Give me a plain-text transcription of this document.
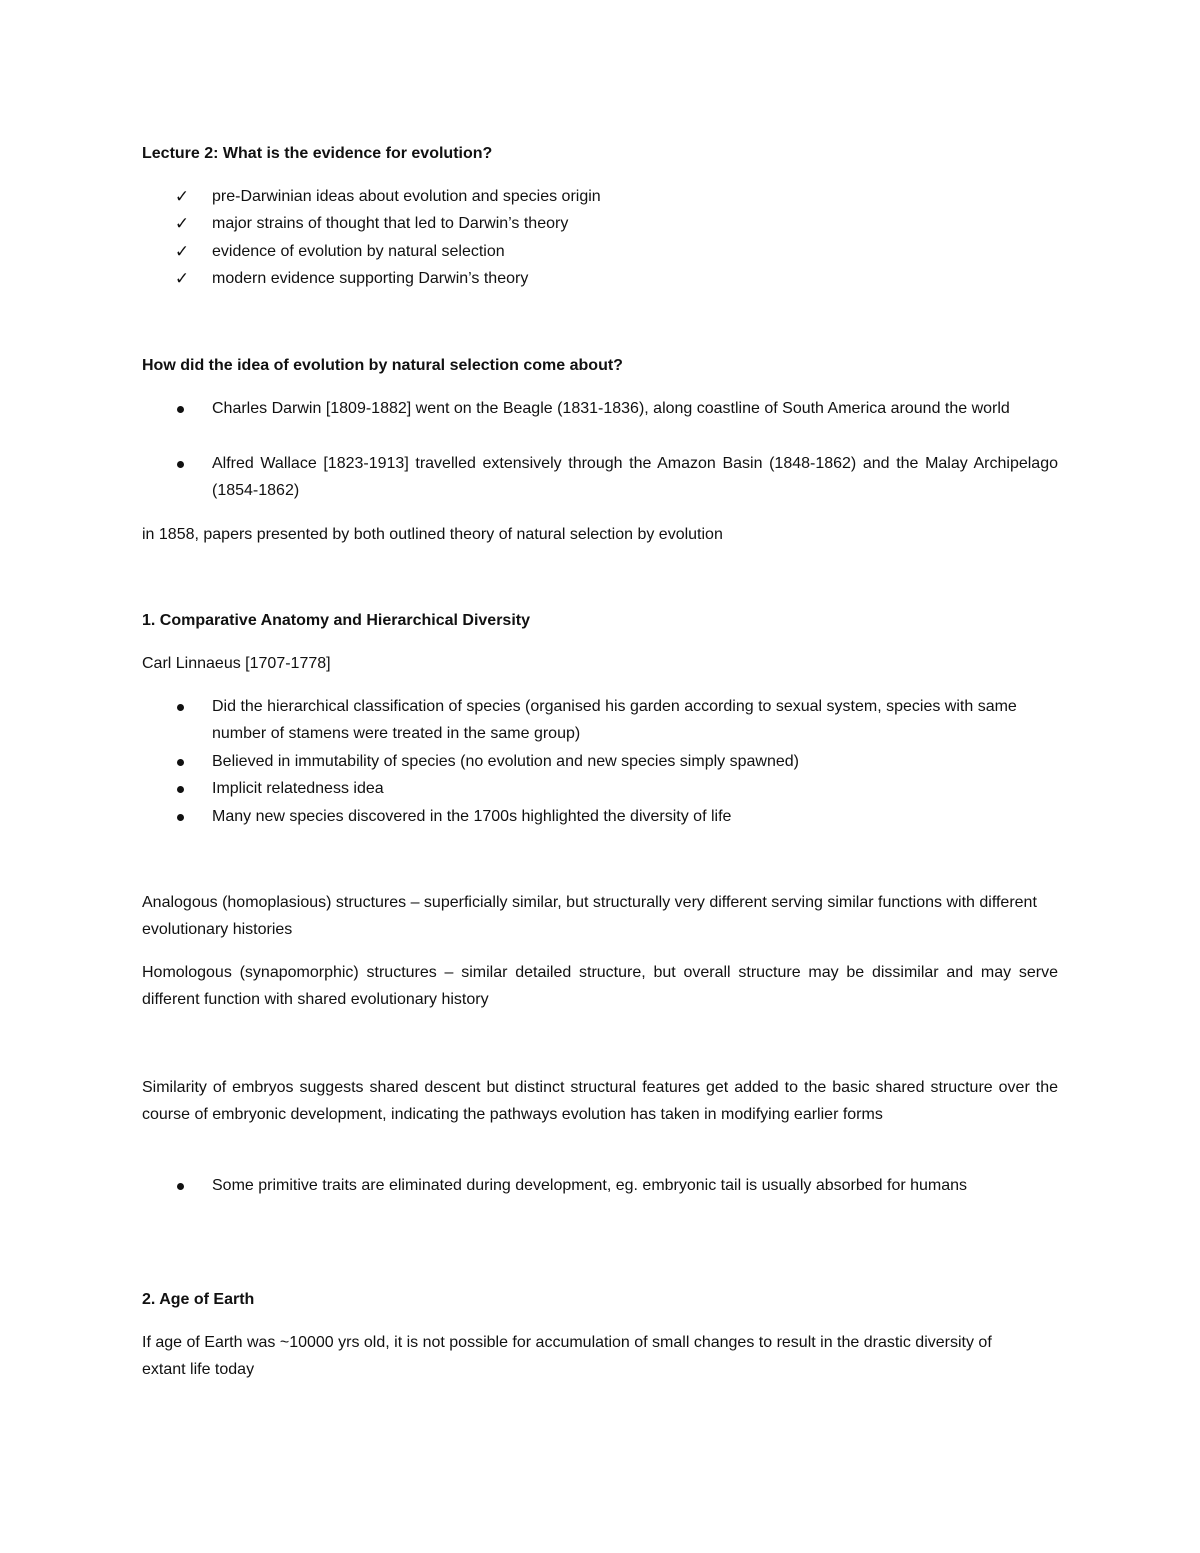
Lecture 2: What is the evidence for evolution?

✓ pre-Darwinian ideas about evolution and species origin
✓ major strains of thought that led to Darwin’s theory
✓ evidence of evolution by natural selection
✓ modern evidence supporting Darwin’s theory

How did the idea of evolution by natural selection come about?

Charles Darwin [1809-1882] went on the Beagle (1831-1836), along coastline of South America around the world
Alfred Wallace [1823-1913] travelled extensively through the Amazon Basin (1848-1862) and the Malay Archipelago (1854-1862)

in 1858, papers presented by both outlined theory of natural selection by evolution

1. Comparative Anatomy and Hierarchical Diversity

Carl Linnaeus [1707-1778]

Did the hierarchical classification of species (organised his garden according to sexual system, species with same number of stamens were treated in the same group)
Believed in immutability of species (no evolution and new species simply spawned)
Implicit relatedness idea
Many new species discovered in the 1700s highlighted the diversity of life

Analogous (homoplasious) structures – superficially similar, but structurally very different serving similar functions with different evolutionary histories

Homologous (synapomorphic) structures – similar detailed structure, but overall structure may be dissimilar and may serve different function with shared evolutionary history

Similarity of embryos suggests shared descent but distinct structural features get added to the basic shared structure over the course of embryonic development, indicating the pathways evolution has taken in modifying earlier forms

Some primitive traits are eliminated during development, eg. embryonic tail is usually absorbed for humans

2. Age of Earth

If age of Earth was ~10000 yrs old, it is not possible for accumulation of small changes to result in the drastic diversity of extant life today
